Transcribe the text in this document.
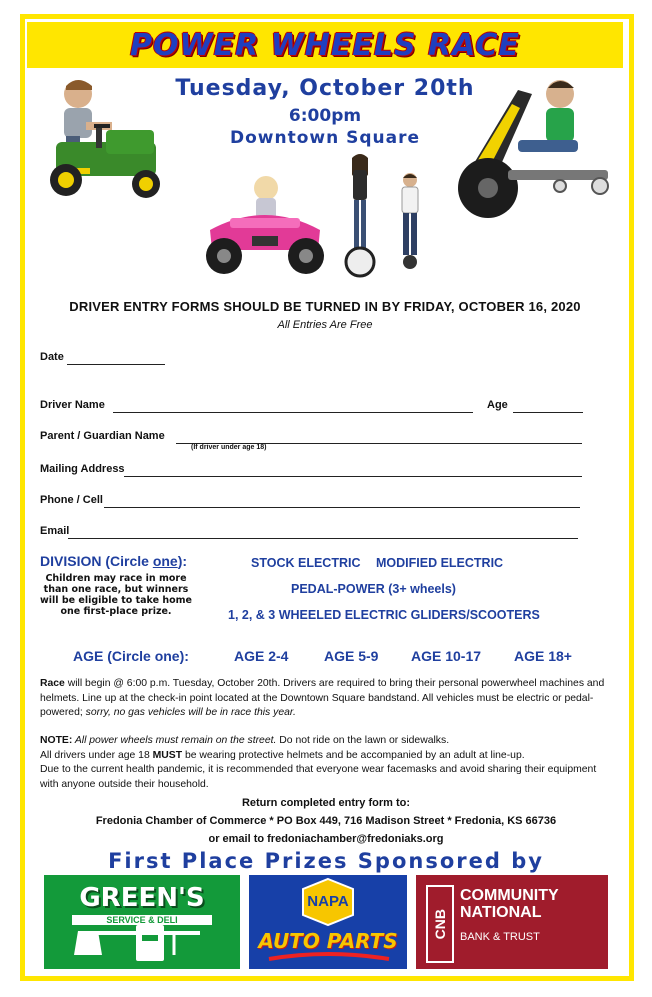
POWER WHEELS RACE
Tuesday, October 20th
6:00pm
Downtown Square
DRIVER ENTRY FORMS SHOULD BE TURNED IN BY FRIDAY, OCTOBER 16, 2020
All Entries Are Free
Date
Driver Name	Age
Parent / Guardian Name
(If driver under age 18)
Mailing Address
Phone / Cell
Email
DIVISION (Circle one):
Children may race in more than one race, but winners will be eligible to take home one first-place prize.
STOCK ELECTRIC MODIFIED ELECTRIC
PEDAL-POWER (3+ wheels)
1, 2, & 3 WHEELED ELECTRIC GLIDERS/SCOOTERS
AGE (Circle one):	AGE 2-4	AGE 5-9 AGE 10-17 AGE 18+
Race will begin @ 6:00 p.m. Tuesday, October 20th. Drivers are required to bring their personal powerwheel machines and helmets. Line up at the check-in point located at the Downtown Square bandstand. All vehicles must be electric or pedal-powered; sorry, no gas vehicles will be in race this year.
NOTE: All power wheels must remain on the street. Do not ride on the lawn or sidewalks.
All drivers under age 18 MUST be wearing protective helmets and be accompanied by an adult at line-up.
Due to the current health pandemic, it is recommended that everyone wear facemasks and avoid sharing their equipment with anyone outside their household.
Return completed entry form to:
Fredonia Chamber of Commerce * PO Box 449, 716 Madison Street * Fredonia, KS 66736
or email to fredoniachamber@fredoniaks.org
First Place Prizes Sponsored by
GREEN'S
SERVICE & DELI
NAPA
AUTO PARTS
CNB
COMMUNITY
NATIONAL
BANK & TRUST
